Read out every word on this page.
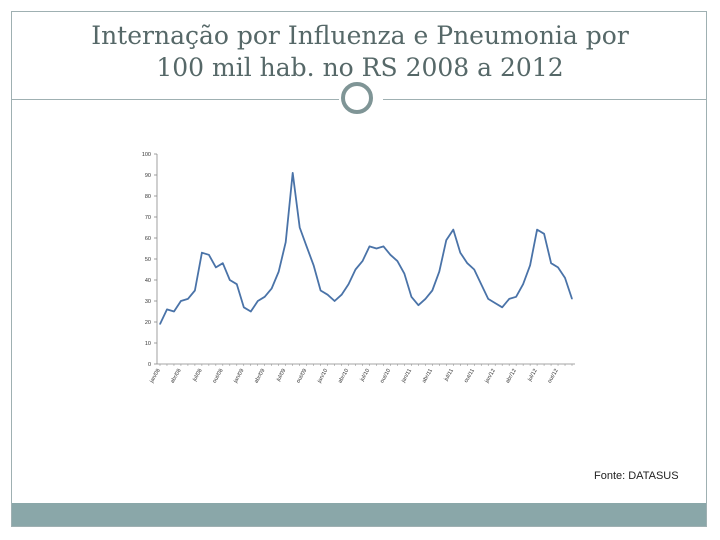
Internação por Influenza e Pneumonia por
100 mil hab. no RS 2008 a 2012
0
10
20
30
40
50
60
70
80
90
100
jan/08 abr/08 jul/08 out/08 jan/09 abr/09 jul/09 out/09 jan/10 abr/10 jul/10 out/10 jan/11 abr/11 jul/11 out/11 jan/12 abr/12 jul/12 out/12
Fonte: DATASUS
